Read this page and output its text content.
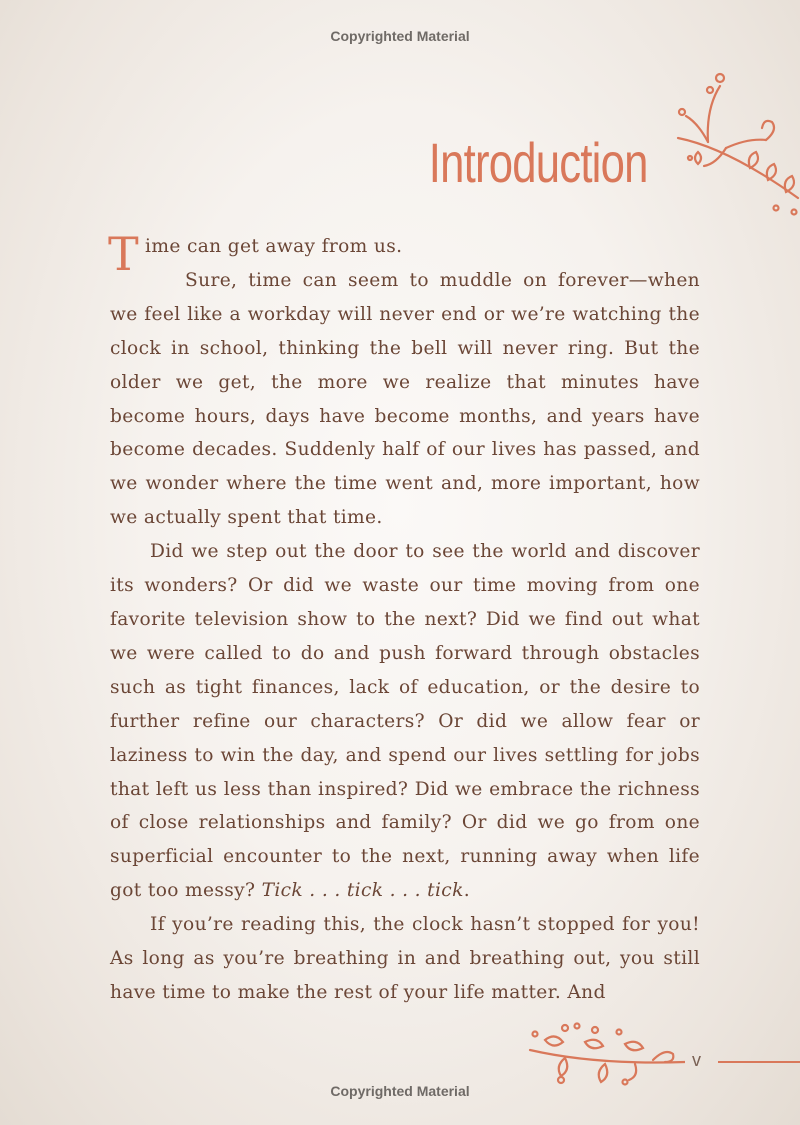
Copyrighted Material
Introduction

Time can get away from us.

Sure, time can seem to muddle on forever—when we feel like a workday will never end or we’re watching the clock in school, thinking the bell will never ring. But the older we get, the more we realize that minutes have become hours, days have become months, and years have become decades. Suddenly half of our lives has passed, and we wonder where the time went and, more important, how we actually spent that time.

Did we step out the door to see the world and discover its wonders? Or did we waste our time moving from one favorite television show to the next? Did we find out what we were called to do and push forward through obstacles such as tight finances, lack of education, or the desire to further refine our characters? Or did we allow fear or laziness to win the day, and spend our lives settling for jobs that left us less than inspired? Did we embrace the richness of close relationships and family? Or did we go from one superficial encounter to the next, running away when life got too messy? Tick . . . tick . . . tick.

If you’re reading this, the clock hasn’t stopped for you! As long as you’re breathing in and breathing out, you still have time to make the rest of your life matter. And

v
Copyrighted Material
